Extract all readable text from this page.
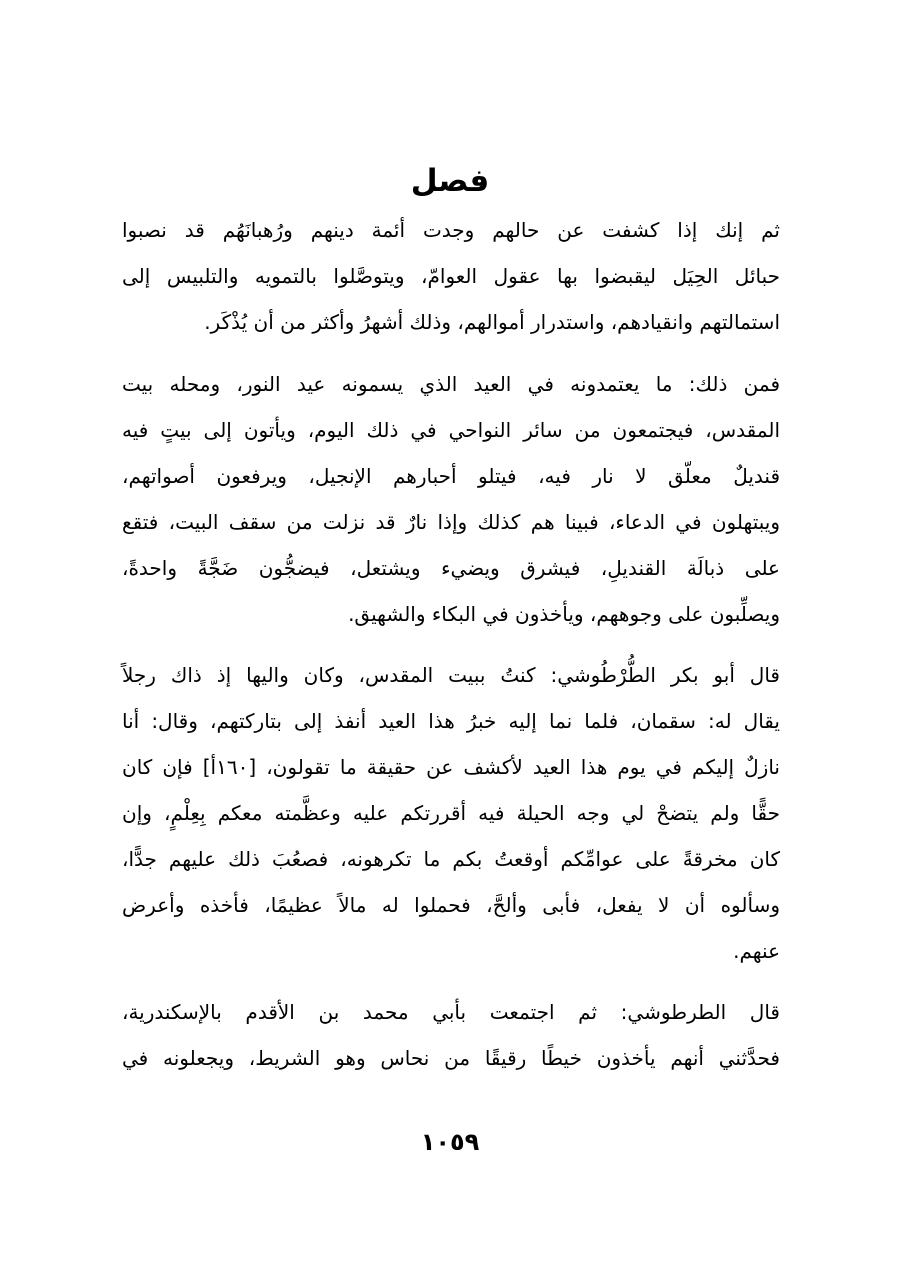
فصل
ثم إنك إذا كشفت عن حالهم وجدت أئمة دينهم ورُهبانَهُم قد نصبوا
حبائل الحِيَل ليقبضوا بها عقول العوامّ، ويتوصَّلوا بالتمويه والتلبيس إلى
استمالتهم وانقيادهم، واستدرار أموالهم، وذلك أشهرُ وأكثر من أن يُذْكَر.
فمن ذلك: ما يعتمدونه في العيد الذي يسمونه عيد النور، ومحله بيت
المقدس، فيجتمعون من سائر النواحي في ذلك اليوم، ويأتون إلى بيتٍ فيه
قنديلٌ معلّق لا نار فيه، فيتلو أحبارهم الإنجيل، ويرفعون أصواتهم،
ويبتهلون في الدعاء، فبينا هم كذلك وإذا نارٌ قد نزلت من سقف البيت، فتقع
على ذبالَة القنديلِ، فيشرق ويضيء ويشتعل، فيضجُّون ضَجَّةً واحدةً،
ويصلِّبون على وجوههم، ويأخذون في البكاء والشهيق.
قال أبو بكر الطُّرْطُوشي: كنتُ ببيت المقدس، وكان واليها إذ ذاك رجلاً
يقال له: سقمان، فلما نما إليه خبرُ هذا العيد أنفذ إلى بتاركتهم، وقال: أنا
نازلٌ إليكم في يوم هذا العيد لأكشف عن حقيقة ما تقولون، [١٦٠أ] فإن كان
حقًّا ولم يتضحْ لي وجه الحيلة فيه أقررتكم عليه وعظَّمته معكم بِعِلْمٍ، وإن
كان مخرقةً على عوامِّكم أوقعتُ بكم ما تكرهونه، فصعُبَ ذلك عليهم جدًّا،
وسألوه أن لا يفعل، فأبى وألحَّ، فحملوا له مالاً عظيمًا، فأخذه وأعرض
عنهم.
قال الطرطوشي: ثم اجتمعت بأبي محمد بن الأقدم بالإسكندرية،
فحدَّثني أنهم يأخذون خيطًا رقيقًا من نحاس وهو الشريط، ويجعلونه في
١٠٥٩
